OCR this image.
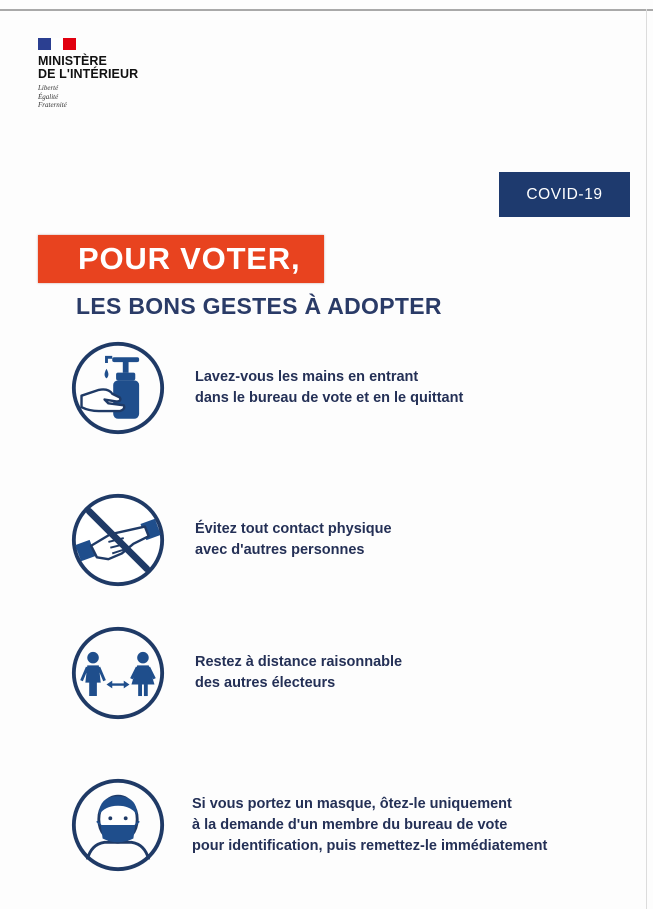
MINISTÈRE
DE L'INTÉRIEUR
Liberté
Égalité
Fraternité
COVID-19
POUR VOTER,
LES BONS GESTES À ADOPTER
Lavez-vous les mains en entrant
dans le bureau de vote et en le quittant
Évitez tout contact physique
avec d'autres personnes
Restez à distance raisonnable
des autres électeurs
Si vous portez un masque, ôtez-le uniquement
à la demande d'un membre du bureau de vote
pour identification, puis remettez-le immédiatement
